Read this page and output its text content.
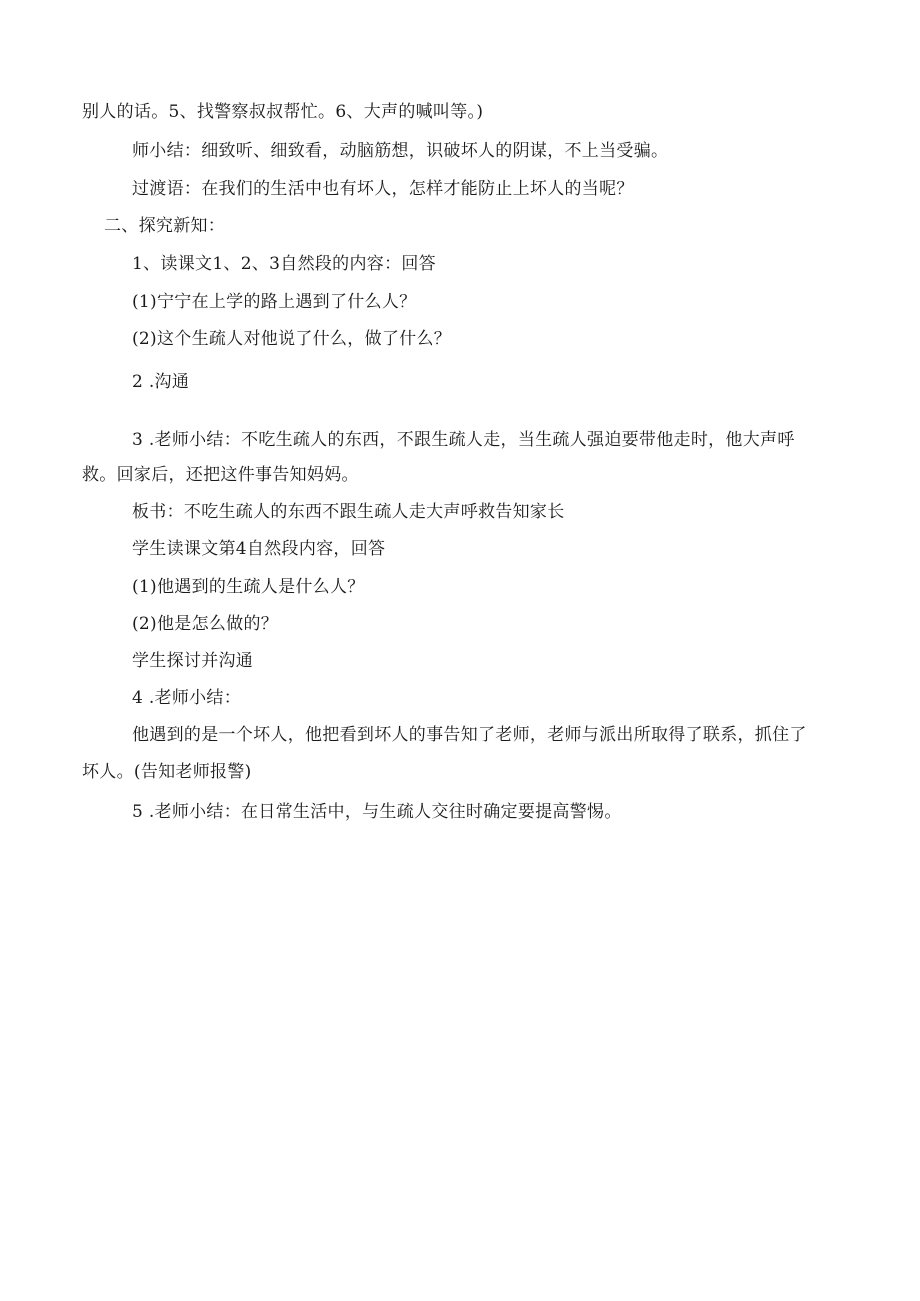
别人的话。5、找警察叔叔帮忙。6、大声的喊叫等。)
师小结：细致听、细致看，动脑筋想，识破坏人的阴谋，不上当受骗。
过渡语：在我们的生活中也有坏人，怎样才能防止上坏人的当呢？
二、探究新知：
1、读课文1、2、3自然段的内容：回答
(1)宁宁在上学的路上遇到了什么人？
(2)这个生疏人对他说了什么，做了什么？
2 .沟通
3 .老师小结：不吃生疏人的东西，不跟生疏人走，当生疏人强迫要带他走时，他大声呼
救。回家后，还把这件事告知妈妈。
板书：不吃生疏人的东西不跟生疏人走大声呼救告知家长
学生读课文第4自然段内容，回答
(1)他遇到的生疏人是什么人？
(2)他是怎么做的？
学生探讨并沟通
4 .老师小结：
他遇到的是一个坏人，他把看到坏人的事告知了老师，老师与派出所取得了联系，抓住了
坏人。(告知老师报警)
5 .老师小结：在日常生活中，与生疏人交往时确定要提高警惕。
